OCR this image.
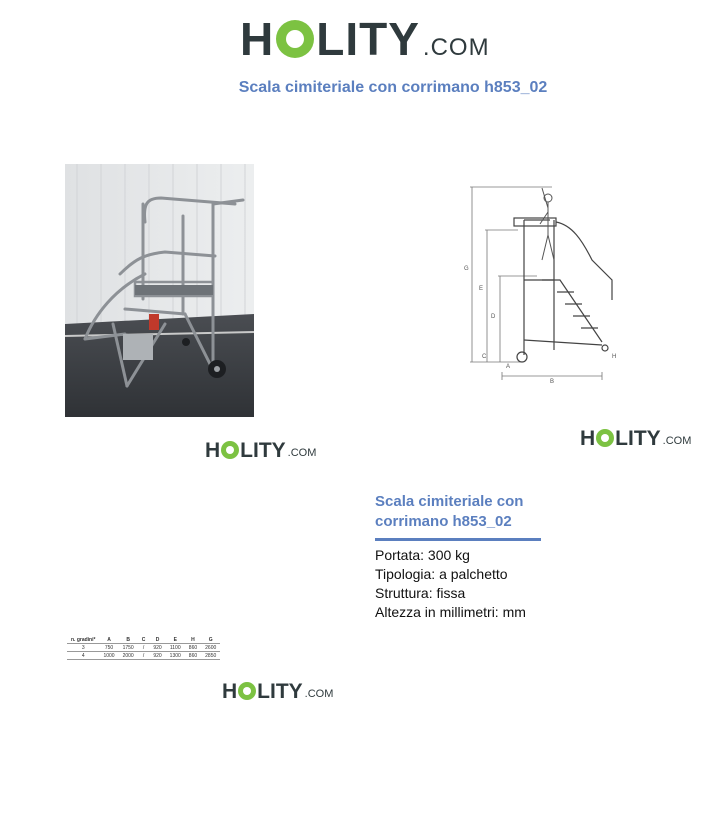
H LITY .COM
Scala cimiteriale con corrimano h853_02
H LITY .COM
G
E
D
C
B
A
H
H LITY .COM
Scala cimiteriale con corrimano h853_02
Portata: 300 kg
Tipologia: a palchetto
Struttura: fissa
Altezza in millimetri: mm
n. gradini*	A	B	C	D	E	H	G
3	750	1750	/	920	1100	860	2600
4	1000	2000	/	920	1300	860	2850
H LITY .COM
